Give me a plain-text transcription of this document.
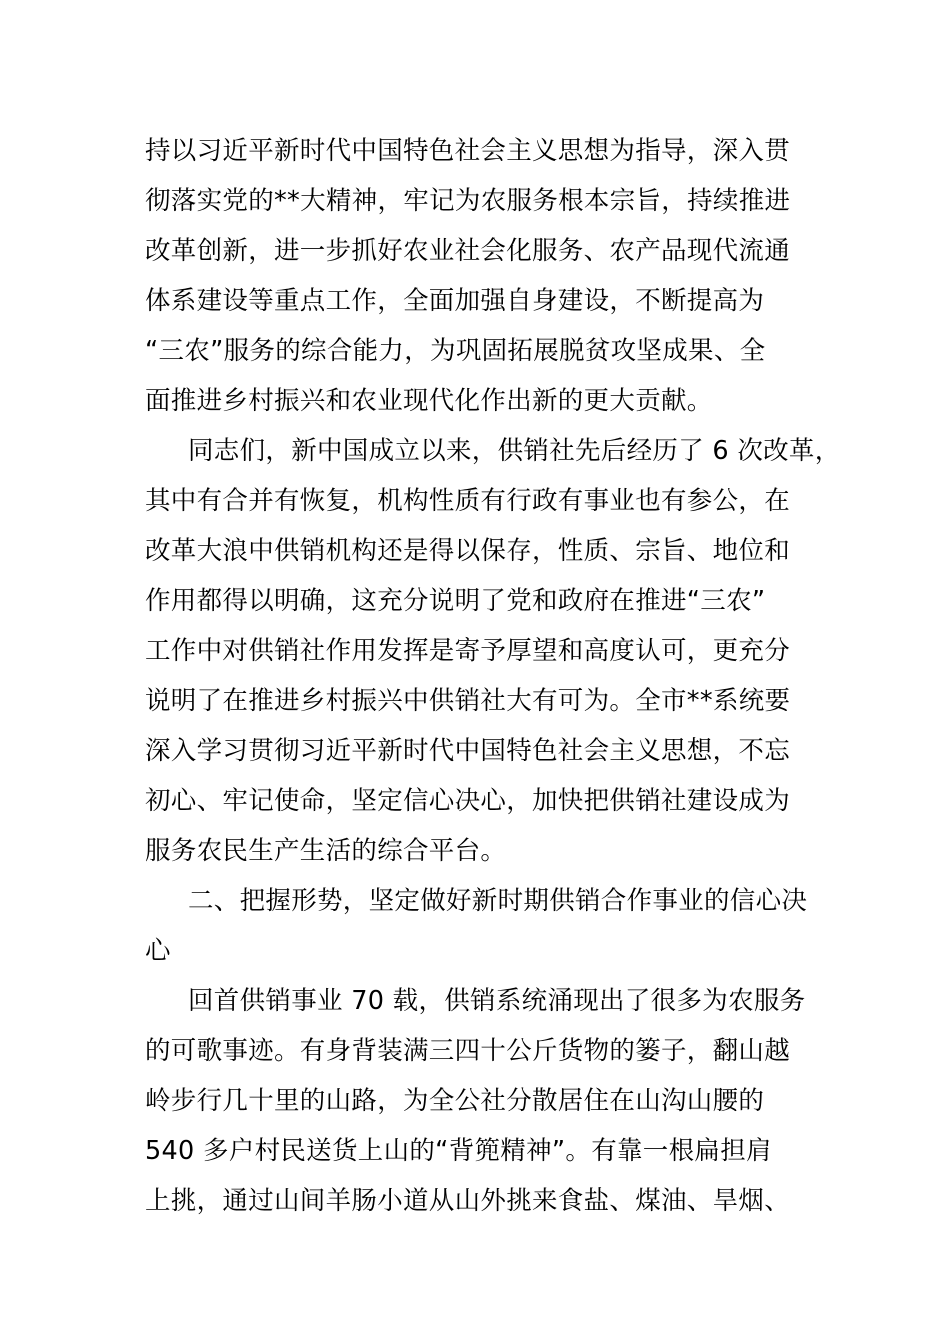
持以习近平新时代中国特色社会主义思想为指导，深入贯
彻落实党的**大精神，牢记为农服务根本宗旨，持续推进
改革创新，进一步抓好农业社会化服务、农产品现代流通
体系建设等重点工作，全面加强自身建设，不断提高为
“三农”服务的综合能力，为巩固拓展脱贫攻坚成果、全
面推进乡村振兴和农业现代化作出新的更大贡献。
同志们，新中国成立以来，供销社先后经历了 6 次改革，
其中有合并有恢复，机构性质有行政有事业也有参公，在
改革大浪中供销机构还是得以保存，性质、宗旨、地位和
作用都得以明确，这充分说明了党和政府在推进“三农”
工作中对供销社作用发挥是寄予厚望和高度认可，更充分
说明了在推进乡村振兴中供销社大有可为。全市**系统要
深入学习贯彻习近平新时代中国特色社会主义思想，不忘
初心、牢记使命，坚定信心决心，加快把供销社建设成为
服务农民生产生活的综合平台。
二、把握形势，坚定做好新时期供销合作事业的信心决
心
回首供销事业 70 载，供销系统涌现出了很多为农服务
的可歌事迹。有身背装满三四十公斤货物的篓子，翻山越
岭步行几十里的山路，为全公社分散居住在山沟山腰的
540 多户村民送货上山的“背篼精神”。有靠一根扁担肩
上挑，通过山间羊肠小道从山外挑来食盐、煤油、旱烟、
